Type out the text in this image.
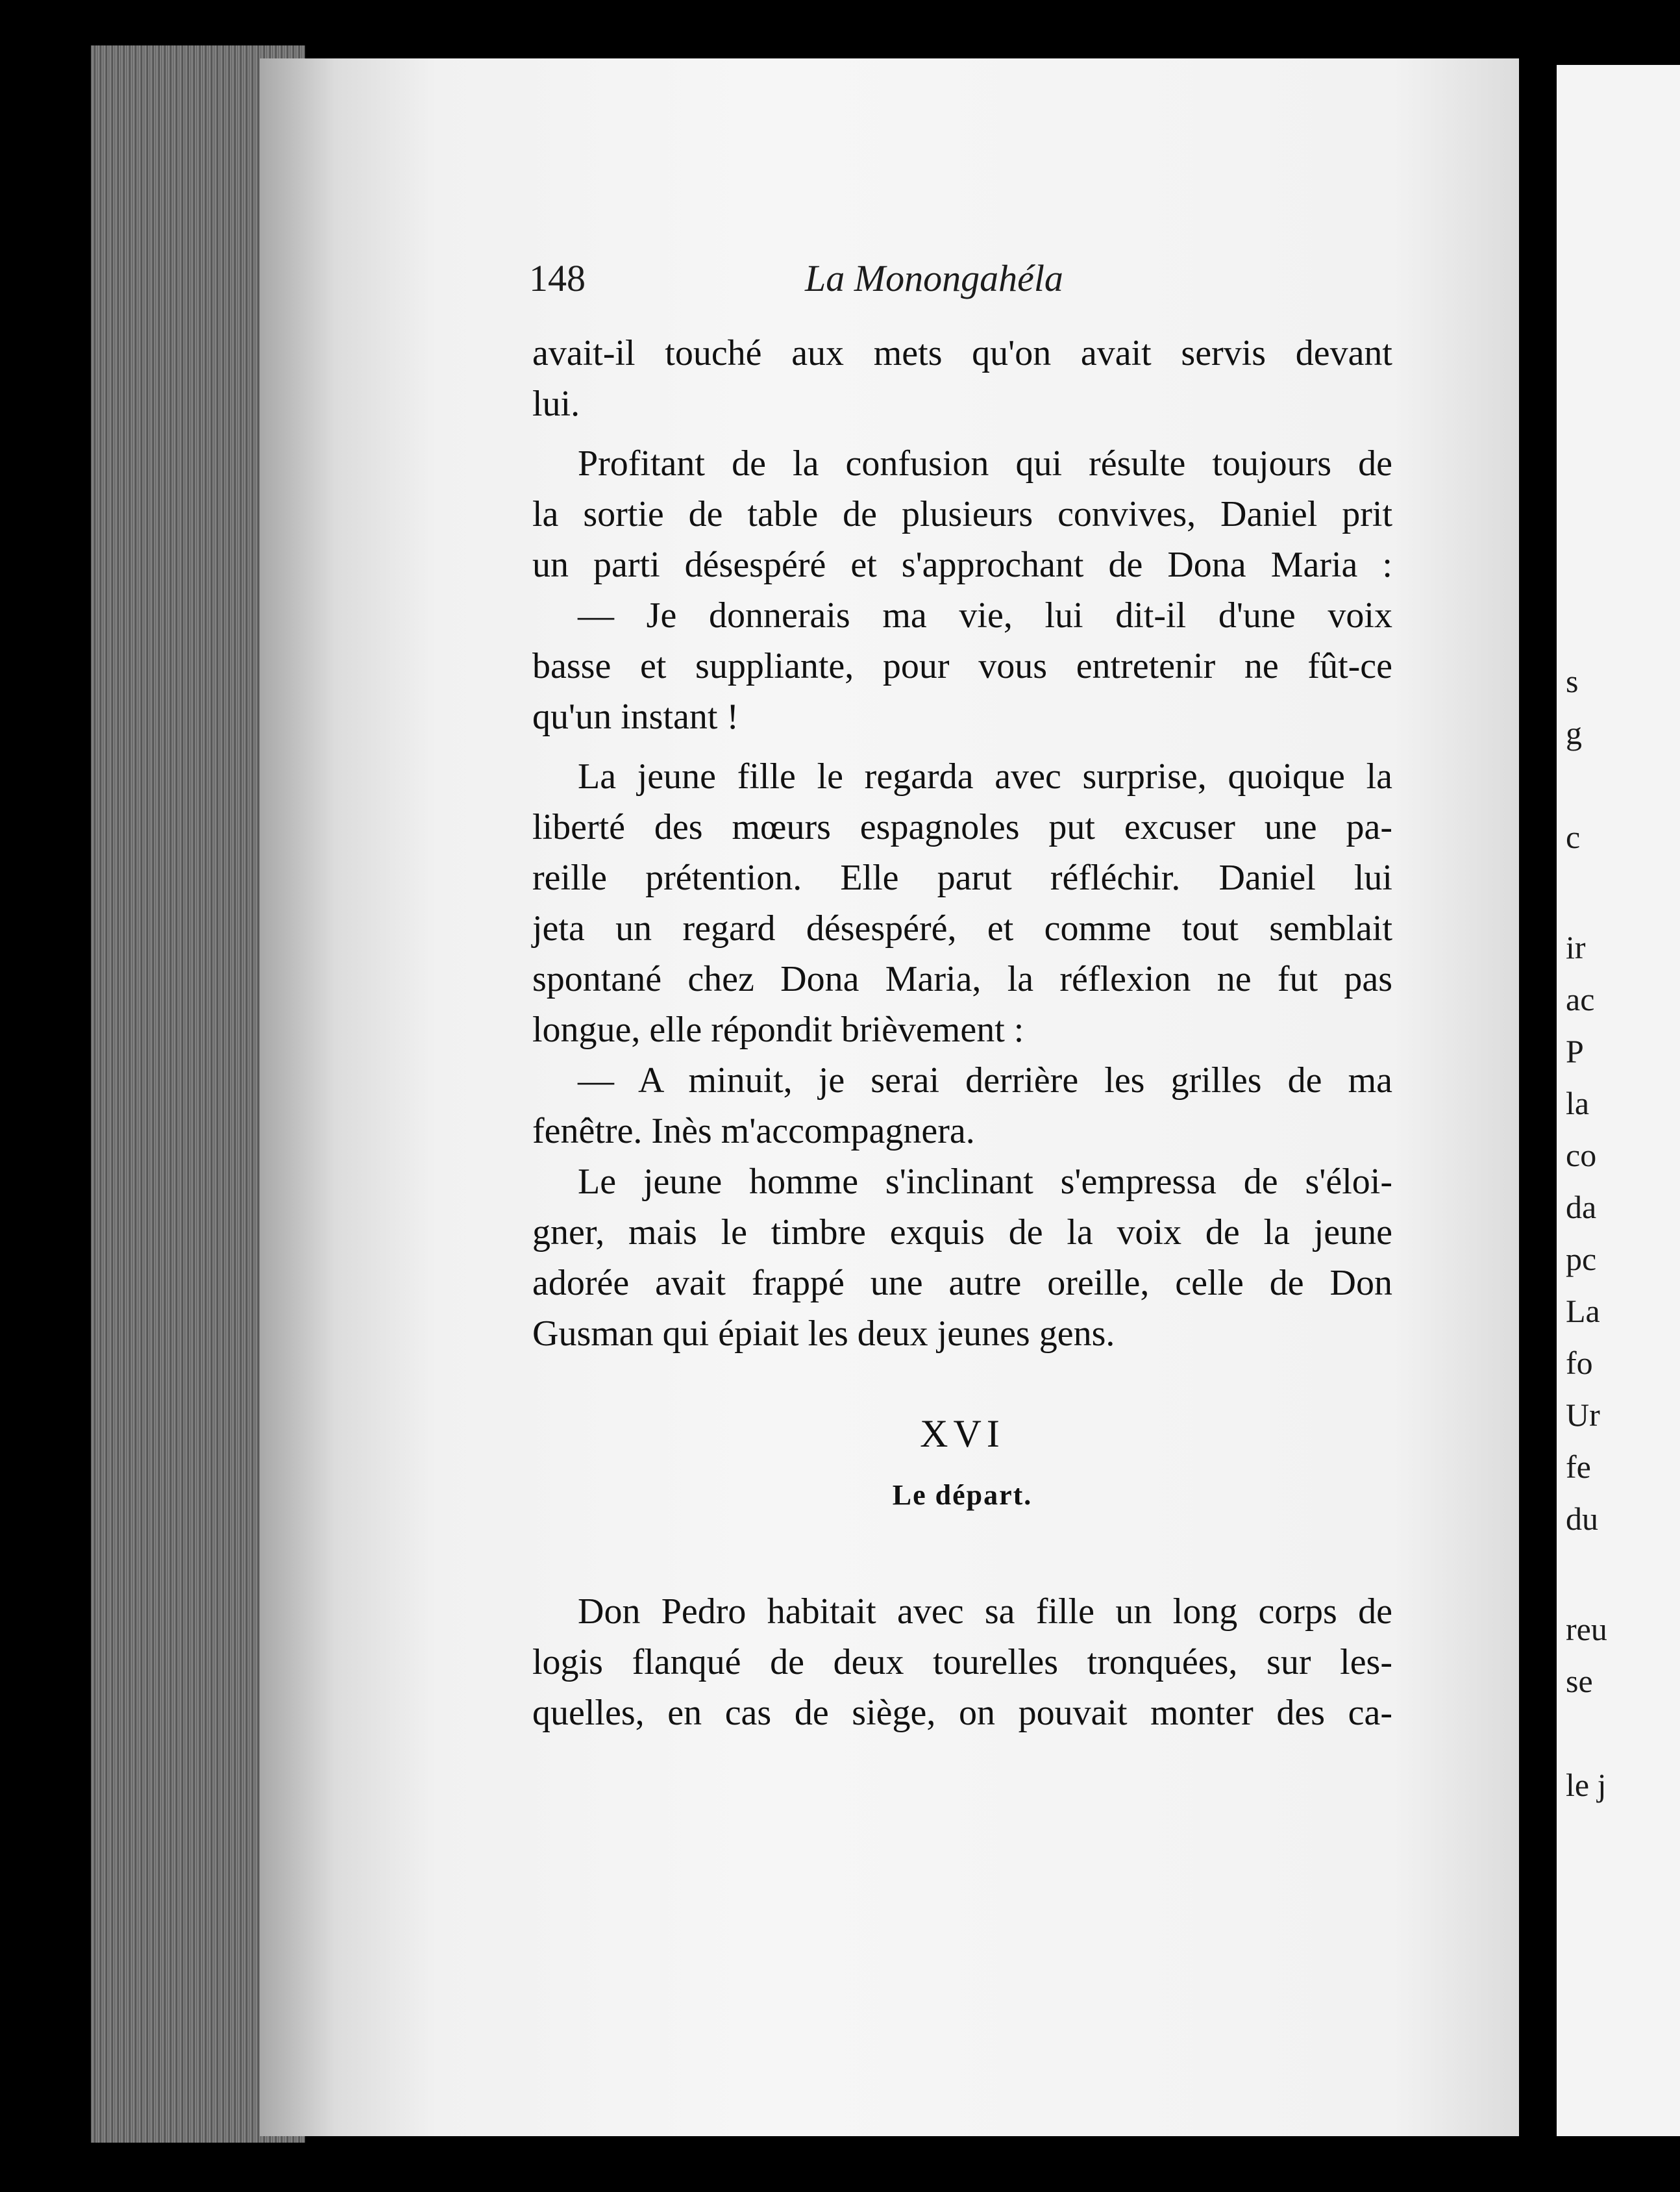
s
g
c
ir
ac
P
la
co
da
pc
La
fo
Ur
fe
du
reu
se
le j
148	La Monongahéla
avait-il touché aux mets qu'on avait servis devant
lui.
Profitant de la confusion qui résulte toujours de
la sortie de table de plusieurs convives, Daniel prit
un parti désespéré et s'approchant de Dona Maria :
— Je donnerais ma vie, lui dit-il d'une voix
basse et suppliante, pour vous entretenir ne fût-ce
qu'un instant !
La jeune fille le regarda avec surprise, quoique la
liberté des mœurs espagnoles put excuser une pa-
reille prétention. Elle parut réfléchir. Daniel lui
jeta un regard désespéré, et comme tout semblait
spontané chez Dona Maria, la réflexion ne fut pas
longue, elle répondit brièvement :
— A minuit, je serai derrière les grilles de ma
fenêtre. Inès m'accompagnera.
Le jeune homme s'inclinant s'empressa de s'éloi-
gner, mais le timbre exquis de la voix de la jeune
adorée avait frappé une autre oreille, celle de Don
Gusman qui épiait les deux jeunes gens.
XVI
Le départ.
Don Pedro habitait avec sa fille un long corps de
logis flanqué de deux tourelles tronquées, sur les-
quelles, en cas de siège, on pouvait monter des ca-
